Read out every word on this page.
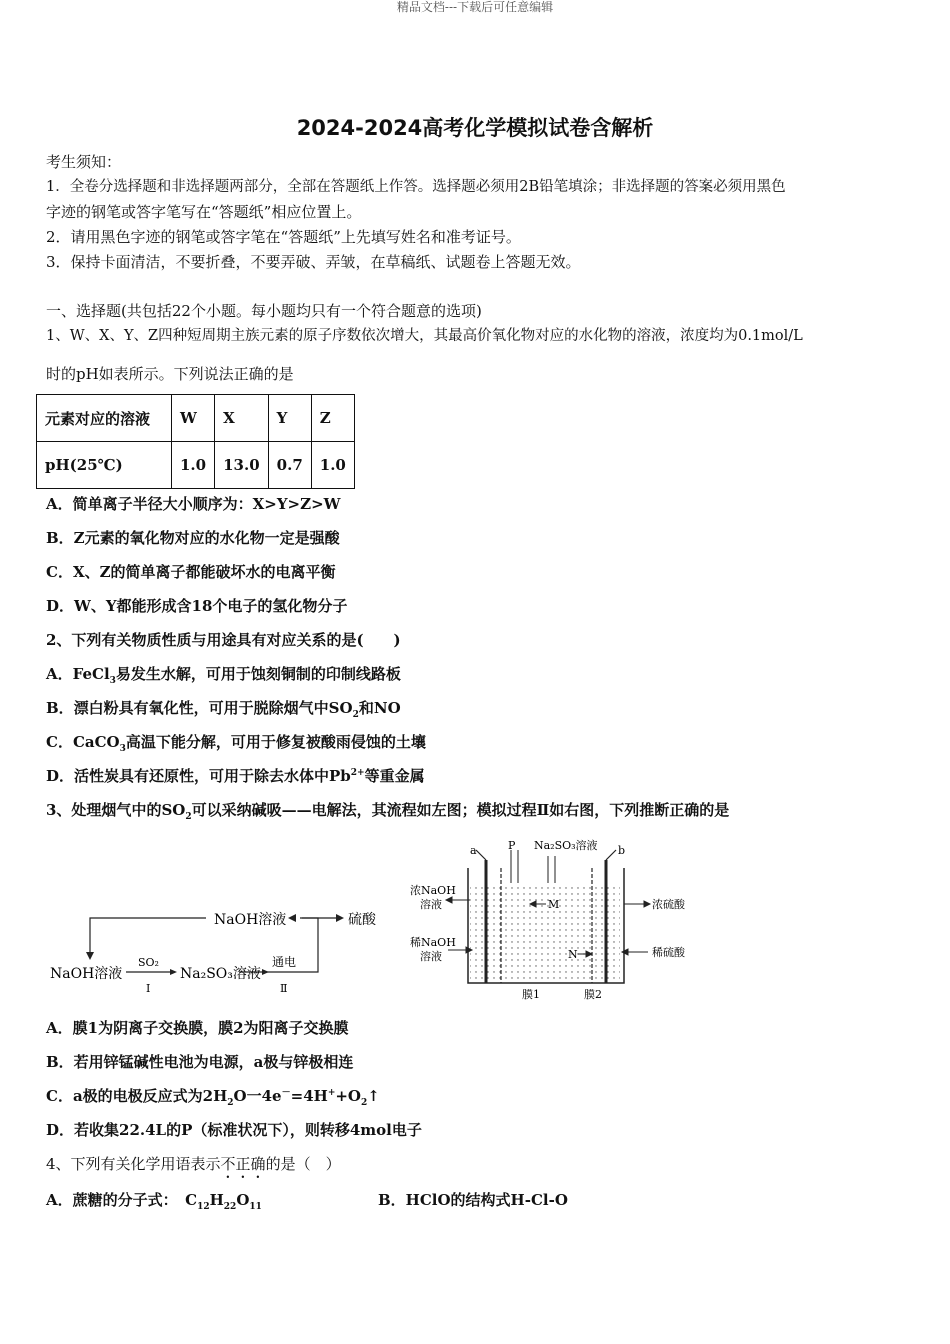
精品文档---下载后可任意编辑
2024-2024高考化学模拟试卷含解析
考生须知：
1．全卷分选择题和非选择题两部分，全部在答题纸上作答。选择题必须用2B铅笔填涂；非选择题的答案必须用黑色
字迹的钢笔或答字笔写在“答题纸”相应位置上。
2．请用黑色字迹的钢笔或答字笔在“答题纸”上先填写姓名和准考证号。
3．保持卡面清洁，不要折叠，不要弄破、弄皱，在草稿纸、试题卷上答题无效。
一、选择题(共包括22个小题。每小题均只有一个符合题意的选项)
1、W、X、Y、Z四种短周期主族元素的原子序数依次增大，其最高价氧化物对应的水化物的溶液，浓度均为0.1mol/L
时的pH如表所示。下列说法正确的是
元素对应的溶液	W	X	Y	Z
pH(25℃)	1.0	13.0	0.7	1.0
A．简单离子半径大小顺序为：X>Y>Z>W
B．Z元素的氧化物对应的水化物一定是强酸
C．X、Z的简单离子都能破坏水的电离平衡
D．W、Y都能形成含18个电子的氢化物分子
2、下列有关物质性质与用途具有对应关系的是(　　)
A．FeCl$_3$易发生水解，可用于蚀刻铜制的印制线路板
B．漂白粉具有氧化性，可用于脱除烟气中$SO_2$和NO
C．CaCO$_3$高温下能分解，可用于修复被酸雨侵蚀的土壤
D．活性炭具有还原性，可用于除去水体中$Pb^{2+}$等重金属
3、处理烟气中的$SO_2$可以采纳碱吸——电解法，其流程如左图；模拟过程Ⅱ如右图，下列推断正确的是
NaOH溶液	硫酸
NaOH溶液
SO₂
Ⅰ
Na₂SO₃溶液
通电
Ⅱ
a	b
P Na₂SO₃溶液
浓NaOH
溶液
稀NaOH
溶液
M
N
浓硫酸
稀硫酸
膜1	膜2
A．膜1为阴离子交换膜，膜2为阳离子交换膜
B．若用锌锰碱性电池为电源，a极与锌极相连
C．a极的电极反应式为$2H_2O$一$4e^-=4H^++O_2↑$
D．若收集22.4L的P（标准状况下），则转移4mol电子
4、下列有关化学用语表示不正确的是（　）
A．蔗糖的分子式：　$C_{12}H_{22}O_{11}$	B．HClO的结构式H-Cl-O
